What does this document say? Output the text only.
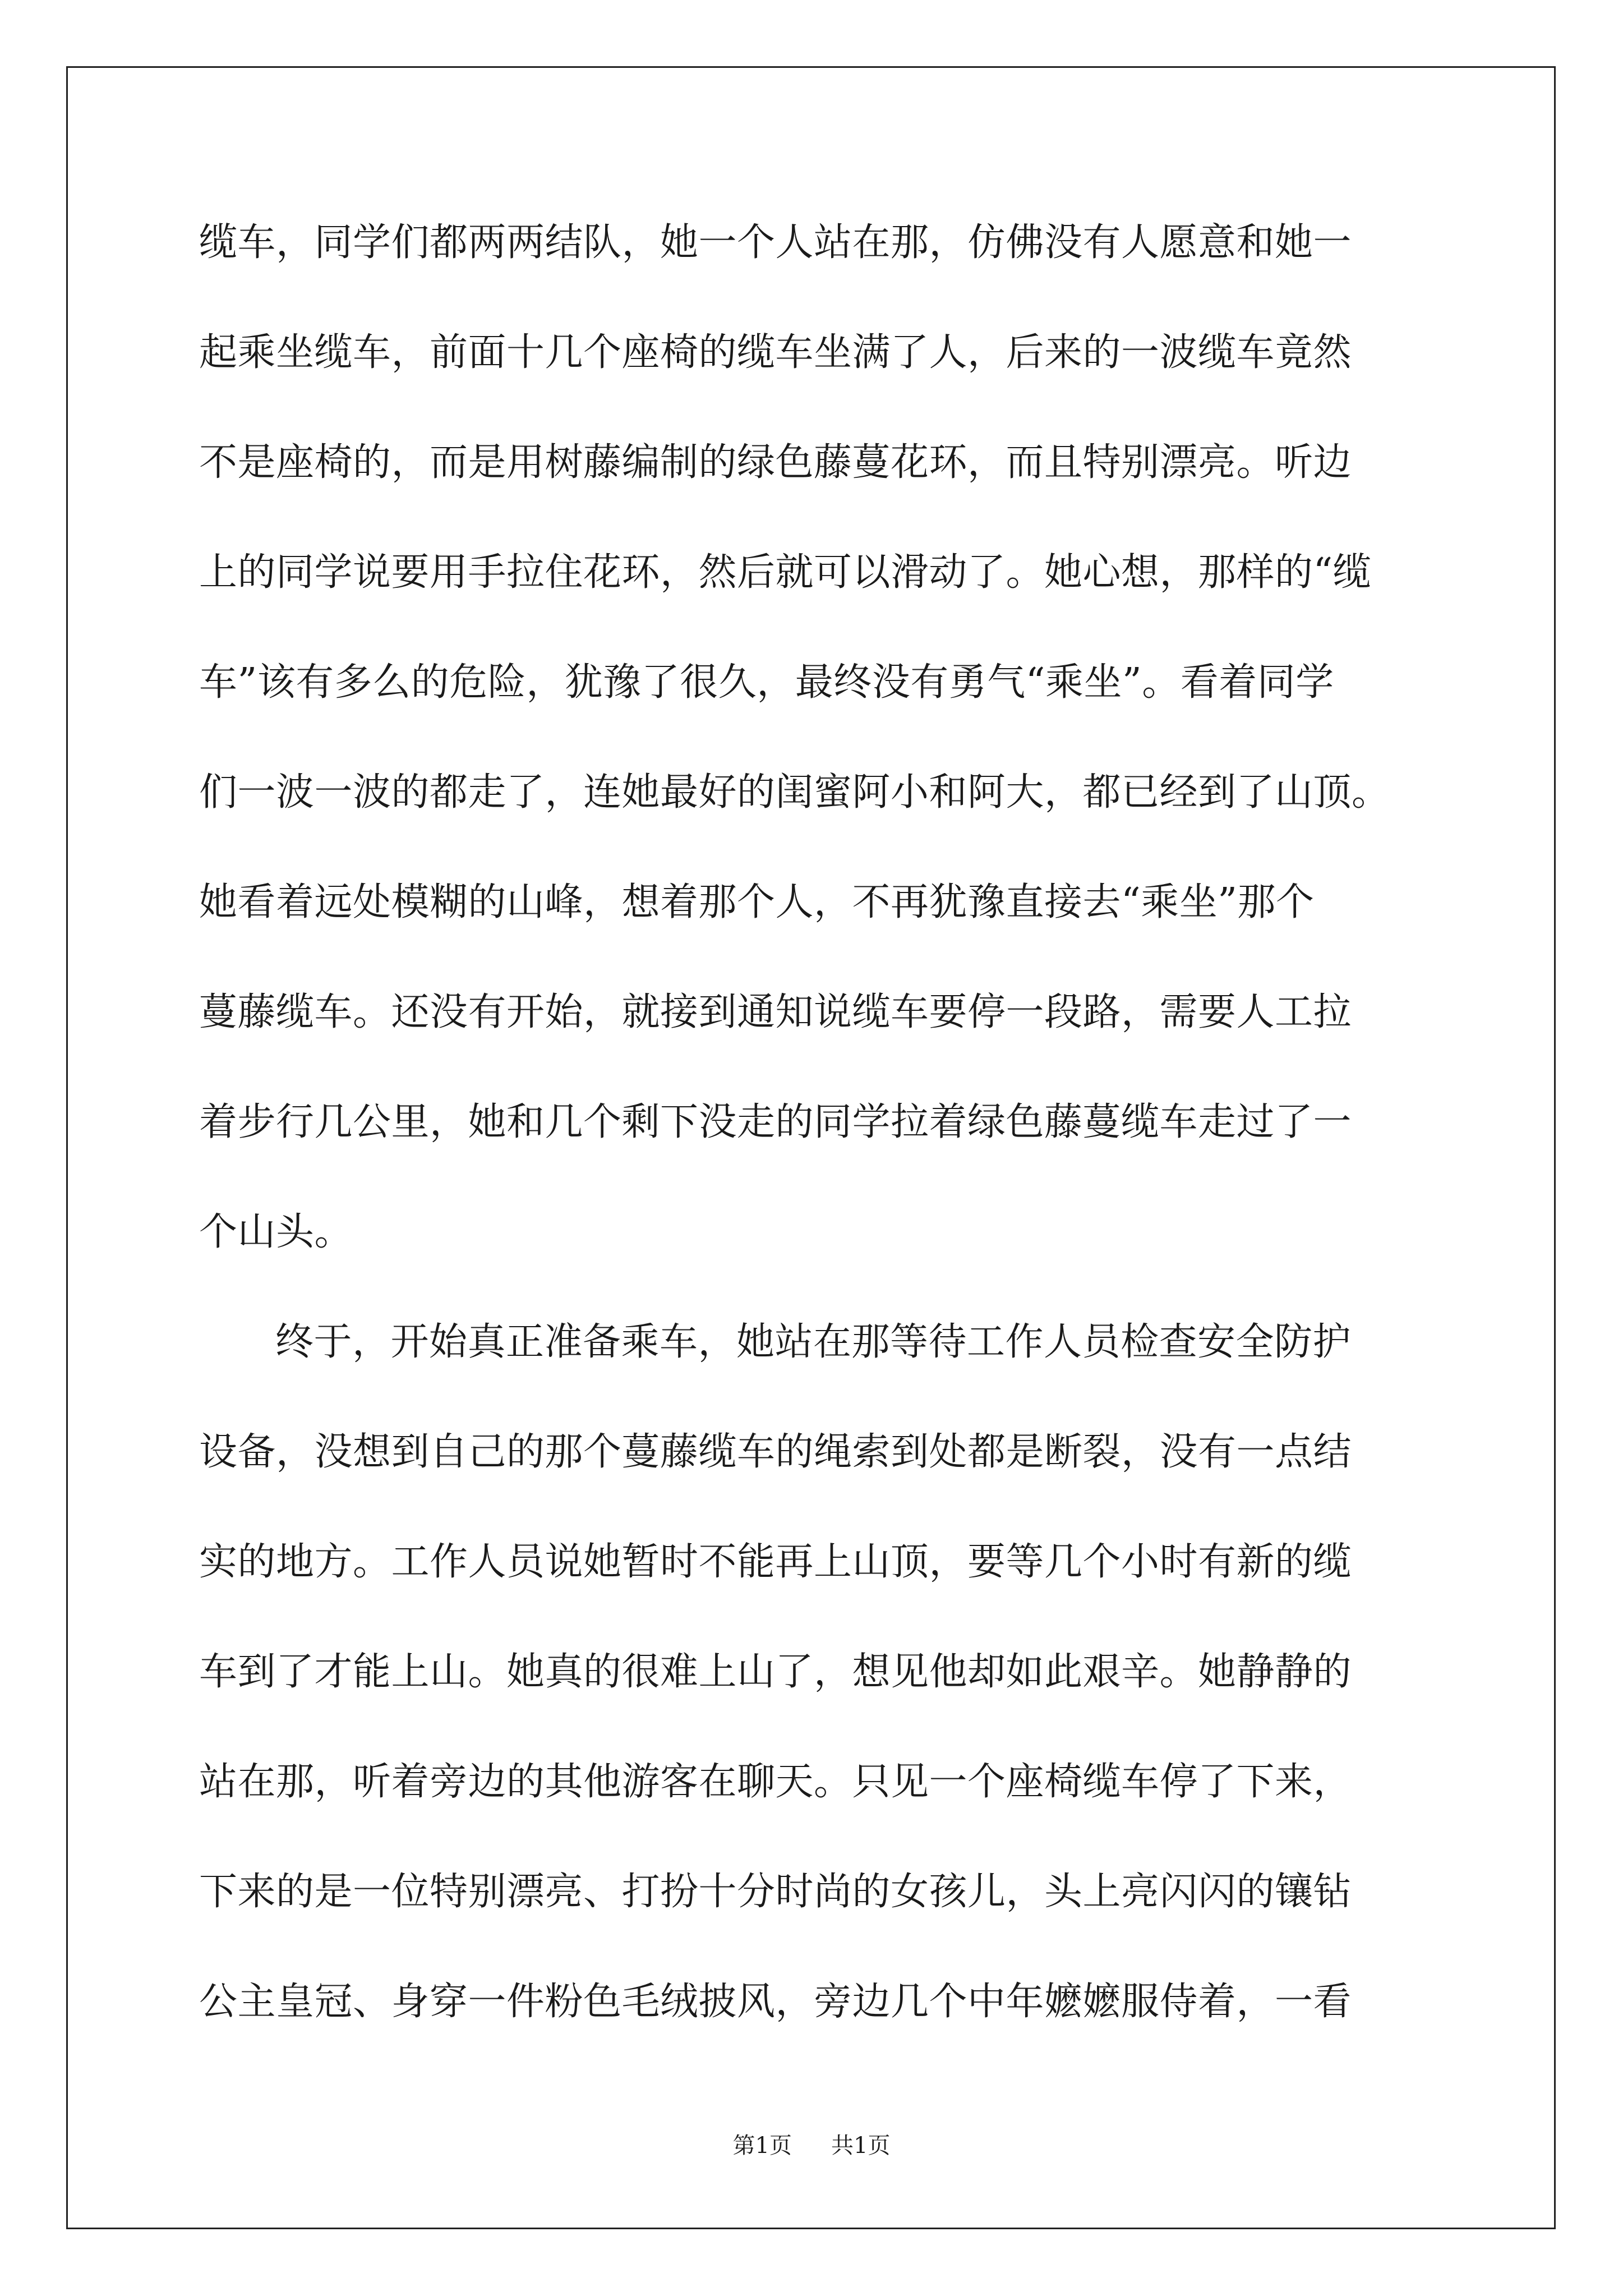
缆车，同学们都两两结队，她一个人站在那，仿佛没有人愿意和她一
起乘坐缆车，前面十几个座椅的缆车坐满了人，后来的一波缆车竟然
不是座椅的，而是用树藤编制的绿色藤蔓花环，而且特别漂亮。听边
上的同学说要用手拉住花环，然后就可以滑动了。她心想，那样的“缆
车”该有多么的危险，犹豫了很久，最终没有勇气“乘坐”。看着同学
们一波一波的都走了，连她最好的闺蜜阿小和阿大，都已经到了山顶。
她看着远处模糊的山峰，想着那个人，不再犹豫直接去“乘坐”那个
蔓藤缆车。还没有开始，就接到通知说缆车要停一段路，需要人工拉
着步行几公里，她和几个剩下没走的同学拉着绿色藤蔓缆车走过了一
个山头。
终于，开始真正准备乘车，她站在那等待工作人员检查安全防护
设备，没想到自己的那个蔓藤缆车的绳索到处都是断裂，没有一点结
实的地方。工作人员说她暂时不能再上山顶，要等几个小时有新的缆
车到了才能上山。她真的很难上山了，想见他却如此艰辛。她静静的
站在那，听着旁边的其他游客在聊天。只见一个座椅缆车停了下来，
下来的是一位特别漂亮、打扮十分时尚的女孩儿，头上亮闪闪的镶钻
公主皇冠、身穿一件粉色毛绒披风，旁边几个中年嬷嬷服侍着，一看
第1页 共1页
